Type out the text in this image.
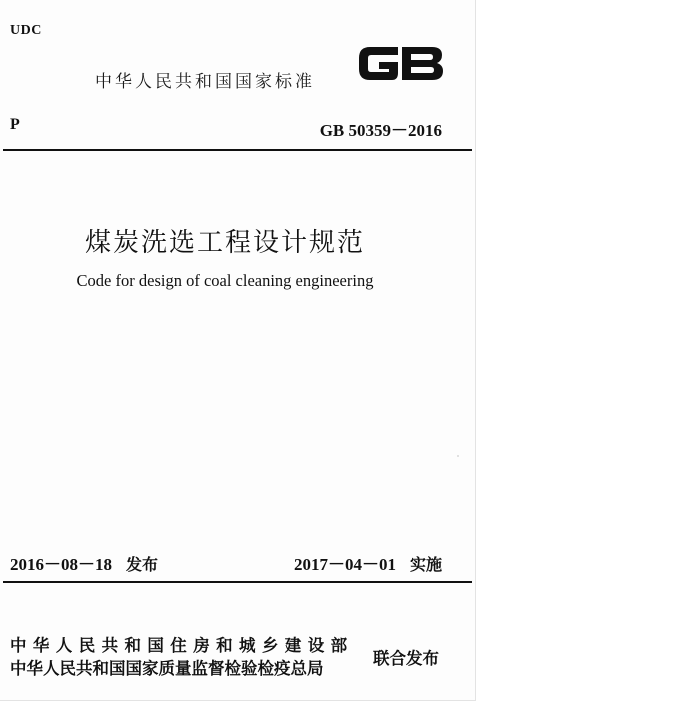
UDC
中华人民共和国国家标准
P	GB 50359－2016
煤炭洗选工程设计规范
Code for design of coal cleaning engineering
2016－08－18 发布	2017－04－01 实施
中华人民共和国住房和城乡建设部
中华人民共和国国家质量监督检验检疫总局
联合发布
